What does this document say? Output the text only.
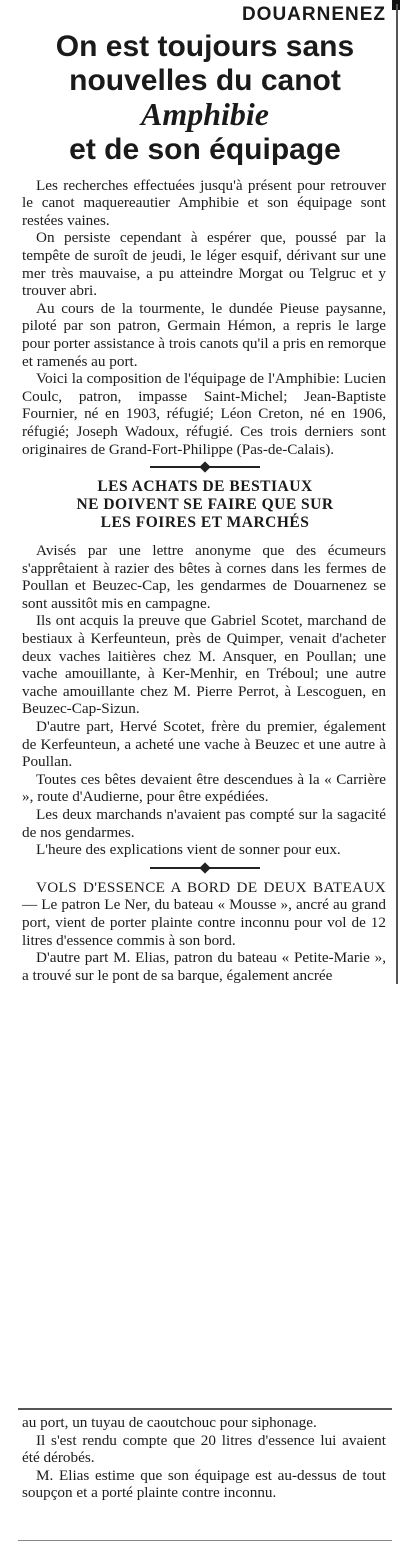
DOUARNENEZ
On est toujours sans
nouvelles du canot
Amphibie
et de son équipage

Les recherches effectuées jusqu'à présent pour retrouver le canot maquereautier Amphibie et son équipage sont restées vaines.

On persiste cependant à espérer que, poussé par la tempête de suroît de jeudi, le léger esquif, dérivant sur une mer très mauvaise, a pu atteindre Morgat ou Telgruc et y trouver abri.

Au cours de la tourmente, le dundée Pieuse paysanne, piloté par son patron, Germain Hémon, a repris le large pour porter assistance à trois canots qu'il a pris en remorque et ramenés au port.

Voici la composition de l'équipage de l'Amphibie: Lucien Coulc, patron, impasse Saint-Michel; Jean-Baptiste Fournier, né en 1903, réfugié; Léon Creton, né en 1906, réfugié; Joseph Wadoux, réfugié. Ces trois derniers sont originaires de Grand-Fort-Philippe (Pas-de-Calais).

LES ACHATS DE BESTIAUX
NE DOIVENT SE FAIRE QUE SUR
LES FOIRES ET MARCHÉS

Avisés par une lettre anonyme que des écumeurs s'apprêtaient à razier des bêtes à cornes dans les fermes de Poullan et Beuzec-Cap, les gendarmes de Douarnenez se sont aussitôt mis en campagne.

Ils ont acquis la preuve que Gabriel Scotet, marchand de bestiaux à Kerfeunteun, près de Quimper, venait d'acheter deux vaches laitières chez M. Ansquer, en Poullan; une vache amouillante, à Ker-Menhir, en Tréboul; une autre vache amouillante chez M. Pierre Perrot, à Lescoguen, en Beuzec-Cap-Sizun.

D'autre part, Hervé Scotet, frère du premier, également de Kerfeunteun, a acheté une vache à Beuzec et une autre à Poullan.

Toutes ces bêtes devaient être descendues à la « Carrière », route d'Audierne, pour être expédiées.

Les deux marchands n'avaient pas compté sur la sagacité de nos gendarmes.

L'heure des explications vient de sonner pour eux.

VOLS D'ESSENCE A BORD DE DEUX BATEAUX — Le patron Le Ner, du bateau « Mousse », ancré au grand port, vient de porter plainte contre inconnu pour vol de 12 litres d'essence commis à son bord.

D'autre part M. Elias, patron du bateau « Petite-Marie », a trouvé sur le pont de sa barque, également ancrée

au port, un tuyau de caoutchouc pour siphonage.

Il s'est rendu compte que 20 litres d'essence lui avaient été dérobés.

M. Elias estime que son équipage est au-dessus de tout soupçon et a porté plainte contre inconnu.
